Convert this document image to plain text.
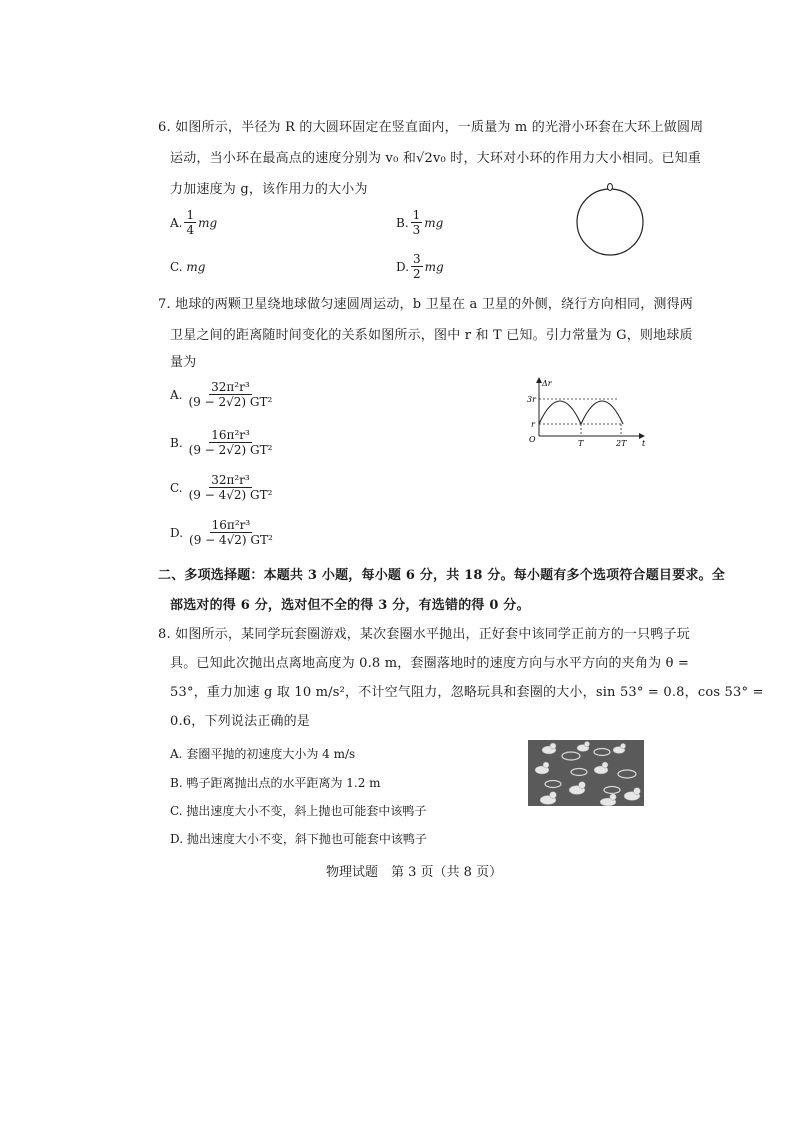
6. 如图所示，半径为 R 的大圆环固定在竖直面内，一质量为 m 的光滑小环套在大环上做圆周
运动，当小环在最高点的速度分别为 v₀ 和√2v₀ 时，大环对小环的作用力大小相同。已知重
力加速度为 g，该作用力的大小为
A. $\frac{1}{4}$ mg	B. $\frac{1}{3}$ mg
C.
mg	D. $\frac{3}{2}$ mg
7. 地球的两颗卫星绕地球做匀速圆周运动，b 卫星在 a 卫星的外侧，绕行方向相同，测得两
卫星之间的距离随时间变化的关系如图所示，图中 r 和 T 已知。引力常量为 G，则地球质
量为
A. $\frac{\text{32π²r³}}{\text{(9 − 2√2) GT²}}$
B. $\frac{\text{16π²r³}}{\text{(9 − 2√2) GT²}}$
C. $\frac{\text{32π²r³}}{\text{(9 − 4√2) GT²}}$
D. $\frac{\text{16π²r³}}{\text{(9 − 4√2) GT²}}$
Δr
3r
r
O	T	2T t
二、多项选择题：本题共 3 小题，每小题 6 分，共 18 分。每小题有多个选项符合题目要求。全
部选对的得 6 分，选对但不全的得 3 分，有选错的得 0 分。
8. 如图所示，某同学玩套圈游戏，某次套圈水平抛出，正好套中该同学正前方的一只鸭子玩
具。已知此次抛出点离地高度为 0.8 m，套圈落地时的速度方向与水平方向的夹角为 θ =
53°，重力加速 g 取 10 m/s²，不计空气阻力，忽略玩具和套圈的大小，sin 53° = 0.8，cos 53° =
0.6，下列说法正确的是
A.
套圈平抛的初速度大小为 4 m/s
B.
鸭子距离抛出点的水平距离为 1.2 m
C.
抛出速度大小不变，斜上抛也可能套中该鸭子
D.
抛出速度大小不变，斜下抛也可能套中该鸭子
物理试题　第 3 页（共 8 页）
